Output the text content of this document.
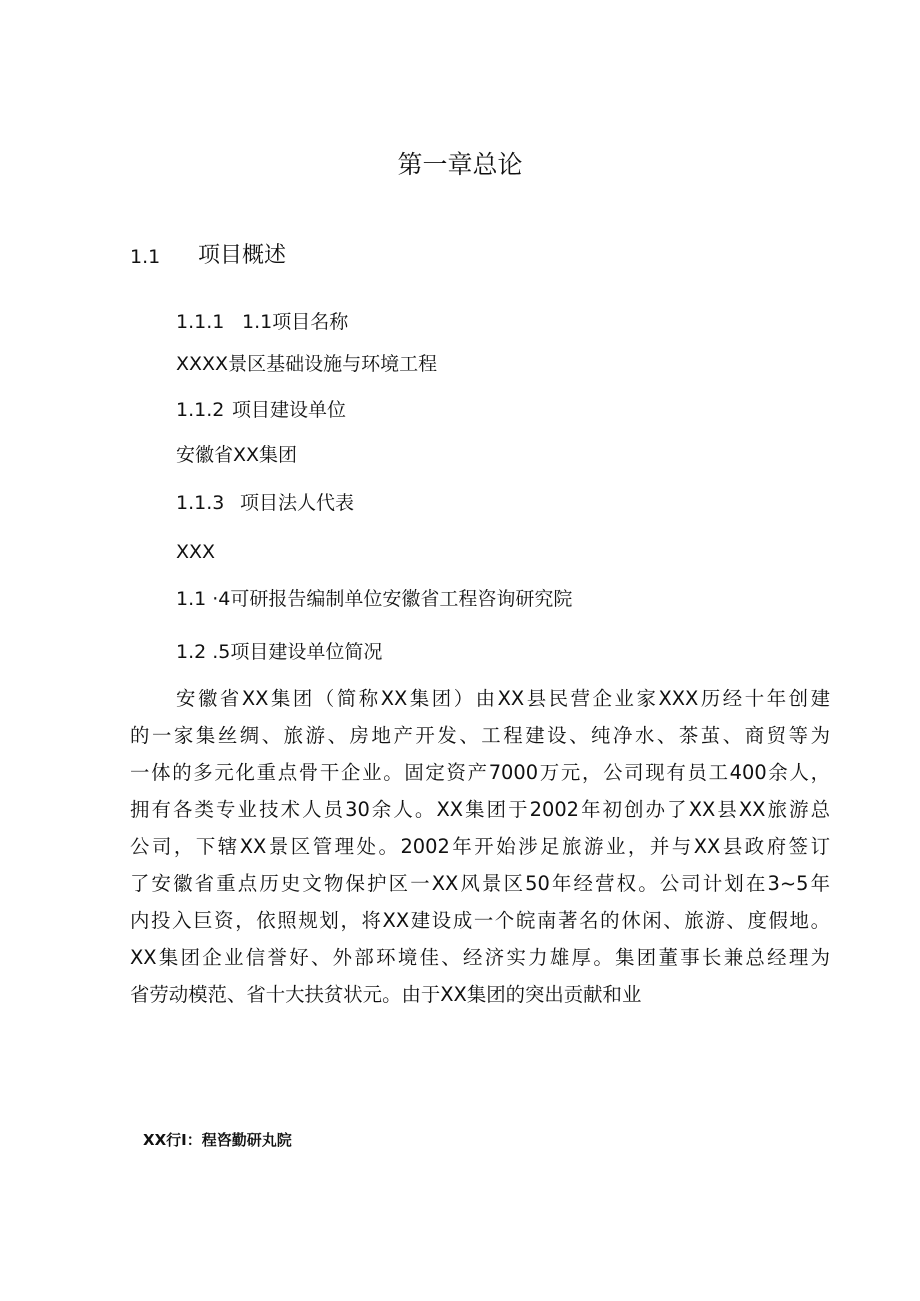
第一章总论
1.1 项目概述
1.1.1 1.1项目名称
XXXX景区基础设施与环境工程
1.1.2 项目建设单位
安徽省XX集团
1.1.3 项目法人代表
XXX
1.1 ·4可研报告编制单位安徽省工程咨询研究院
1.2 .5项目建设单位简况
安徽省XX集团（简称XX集团）由XX县民营企业家XXX历经十年创建
的一家集丝绸、旅游、房地产开发、工程建设、纯净水、茶茧、商贸等为
一体的多元化重点骨干企业。固定资产7000万元，公司现有员工400余人，
拥有各类专业技术人员30余人。XX集团于2002年初创办了XX县XX旅游总
公司，下辖XX景区管理处。2002年开始涉足旅游业，并与XX县政府签订
了安徽省重点历史文物保护区一XX风景区50年经营权。公司计划在3~5年
内投入巨资，依照规划，将XX建设成一个皖南著名的休闲、旅游、度假地。
XX集团企业信誉好、外部环境佳、经济实力雄厚。集团董事长兼总经理为
省劳动模范、省十大扶贫状元。由于XX集团的突出贡献和业
XX行I：程咨勤研丸院
